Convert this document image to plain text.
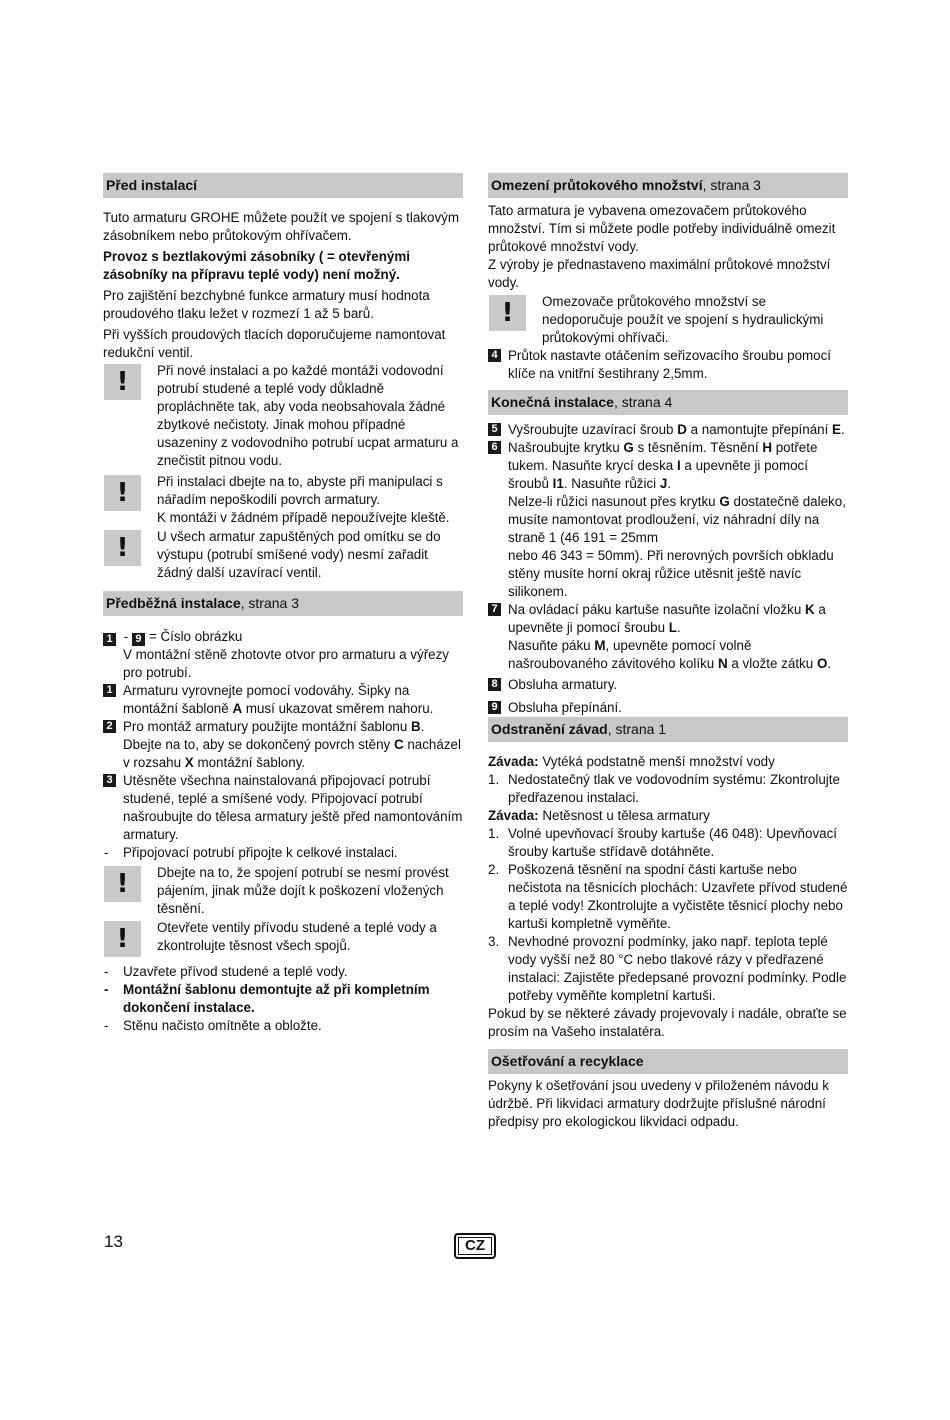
Před instalací

Tuto armaturu GROHE můžete použít ve spojení s tlakovým zásobníkem nebo průtokovým ohřívačem.

Provoz s beztlakovými zásobníky ( = otevřenými zásobníky na přípravu teplé vody) není možný.

Pro zajištění bezchybné funkce armatury musí hodnota proudového tlaku ležet v rozmezí 1 až 5 barů.

Při vyšších proudových tlacích doporučujeme namontovat redukční ventil.

!	Při nové instalaci a po každé montáži vodovodní potrubí studené a teplé vody důkladně propláchněte tak, aby voda neobsahovala žádné zbytkové nečistoty. Jinak mohou případné usazeniny z vodovodního potrubí ucpat armaturu a znečistit pitnou vodu.

!	Při instalaci dbejte na to, abyste při manipulaci s nářadím nepoškodili povrch armatury.

K montáži v žádném případě nepoužívejte kleště.

!	U všech armatur zapuštěných pod omítku se do výstupu (potrubí smíšené vody) nesmí zařadit žádný další uzavírací ventil.

Předběžná instalace, strana 3

1 - 9 = Číslo obrázku

V montážní stěně zhotovte otvor pro armaturu a výřezy pro potrubí.

1 Armaturu vyrovnejte pomocí vodováhy. Šipky na montážní šabloně A musí ukazovat směrem nahoru.

2 Pro montáž armatury použijte montážní šablonu B. Dbejte na to, aby se dokončený povrch stěny C nacházel v rozsahu X montážní šablony.

3 Utěsněte všechna nainstalovaná připojovací potrubí studené, teplé a smíšené vody. Připojovací potrubí našroubujte do tělesa armatury ještě před namontováním armatury.

- Připojovací potrubí připojte k celkové instalaci.

!	Dbejte na to, že spojení potrubí se nesmí provést pájením, jinak může dojít k poškození vložených těsnění.

!	Otevřete ventily přívodu studené a teplé vody a zkontrolujte těsnost všech spojů.

- Uzavřete přívod studené a teplé vody.

- Montážní šablonu demontujte až při kompletním dokončení instalace.

- Stěnu načisto omítněte a obložte.

Omezení průtokového množství, strana 3

Tato armatura je vybavena omezovačem průtokového množství. Tím si můžete podle potřeby individuálně omezit průtokové množství vody.

Z výroby je přednastaveno maximální průtokové množství vody.

!	Omezovače průtokového množství se nedoporučuje použít ve spojení s hydraulickými průtokovými ohřívači.

4 Průtok nastavte otáčením seřizovacího šroubu pomocí klíče na vnitřní šestihrany 2,5mm.

Konečná instalace, strana 4
5 Vyšroubujte uzavírací šroub D a namontujte přepínání E.

6 Našroubujte krytku G s těsněním. Těsnění H potřete tukem. Nasuňte krycí deska I a upevněte ji pomocí šroubů I1. Nasuňte růžici J.

Nelze-li růžici nasunout přes krytku G dostatečně daleko, musíte namontovat prodloužení, viz náhradní díly na straně 1 (46 191 = 25mm

nebo 46 343 = 50mm). Při nerovných površích obkladu stěny musíte horní okraj růžice utěsnit ještě navíc silikonem.

7 Na ovládací páku kartuše nasuňte izolační vložku K a upevněte ji pomocí šroubu L.

Nasuňte páku M, upevněte pomocí volně našroubovaného závitového kolíku N a vložte zátku O.

8 Obsluha armatury.

9 Obsluha přepínání.

Odstranění závad, strana 1

Závada: Vytéká podstatně menší množství vody

1. Nedostatečný tlak ve vodovodním systému: Zkontrolujte předřazenou instalaci.

Závada: Netěsnost u tělesa armatury

1. Volné upevňovací šrouby kartuše (46 048): Upevňovací šrouby kartuše střídavě dotáhněte.

2. Poškozená těsnění na spodní části kartuše nebo nečistota na těsnicích plochách: Uzavřete přívod studené a teplé vody! Zkontrolujte a vyčistěte těsnicí plochy nebo kartuši kompletně vyměňte.

3. Nevhodné provozní podmínky, jako např. teplota teplé vody vyšší než 80 °C nebo tlakové rázy v předřazené instalaci: Zajistěte předepsané provozní podmínky. Podle potřeby vyměňte kompletní kartuši.

Pokud by se některé závady projevovaly i nadále, obraťte se prosím na Vašeho instalatéra.

Ošetřování a recyklace

Pokyny k ošetřování jsou uvedeny v přiloženém návodu k údržbě. Při likvidaci armatury dodržujte příslušné národní předpisy pro ekologickou likvidaci odpadu.

13	CZ
